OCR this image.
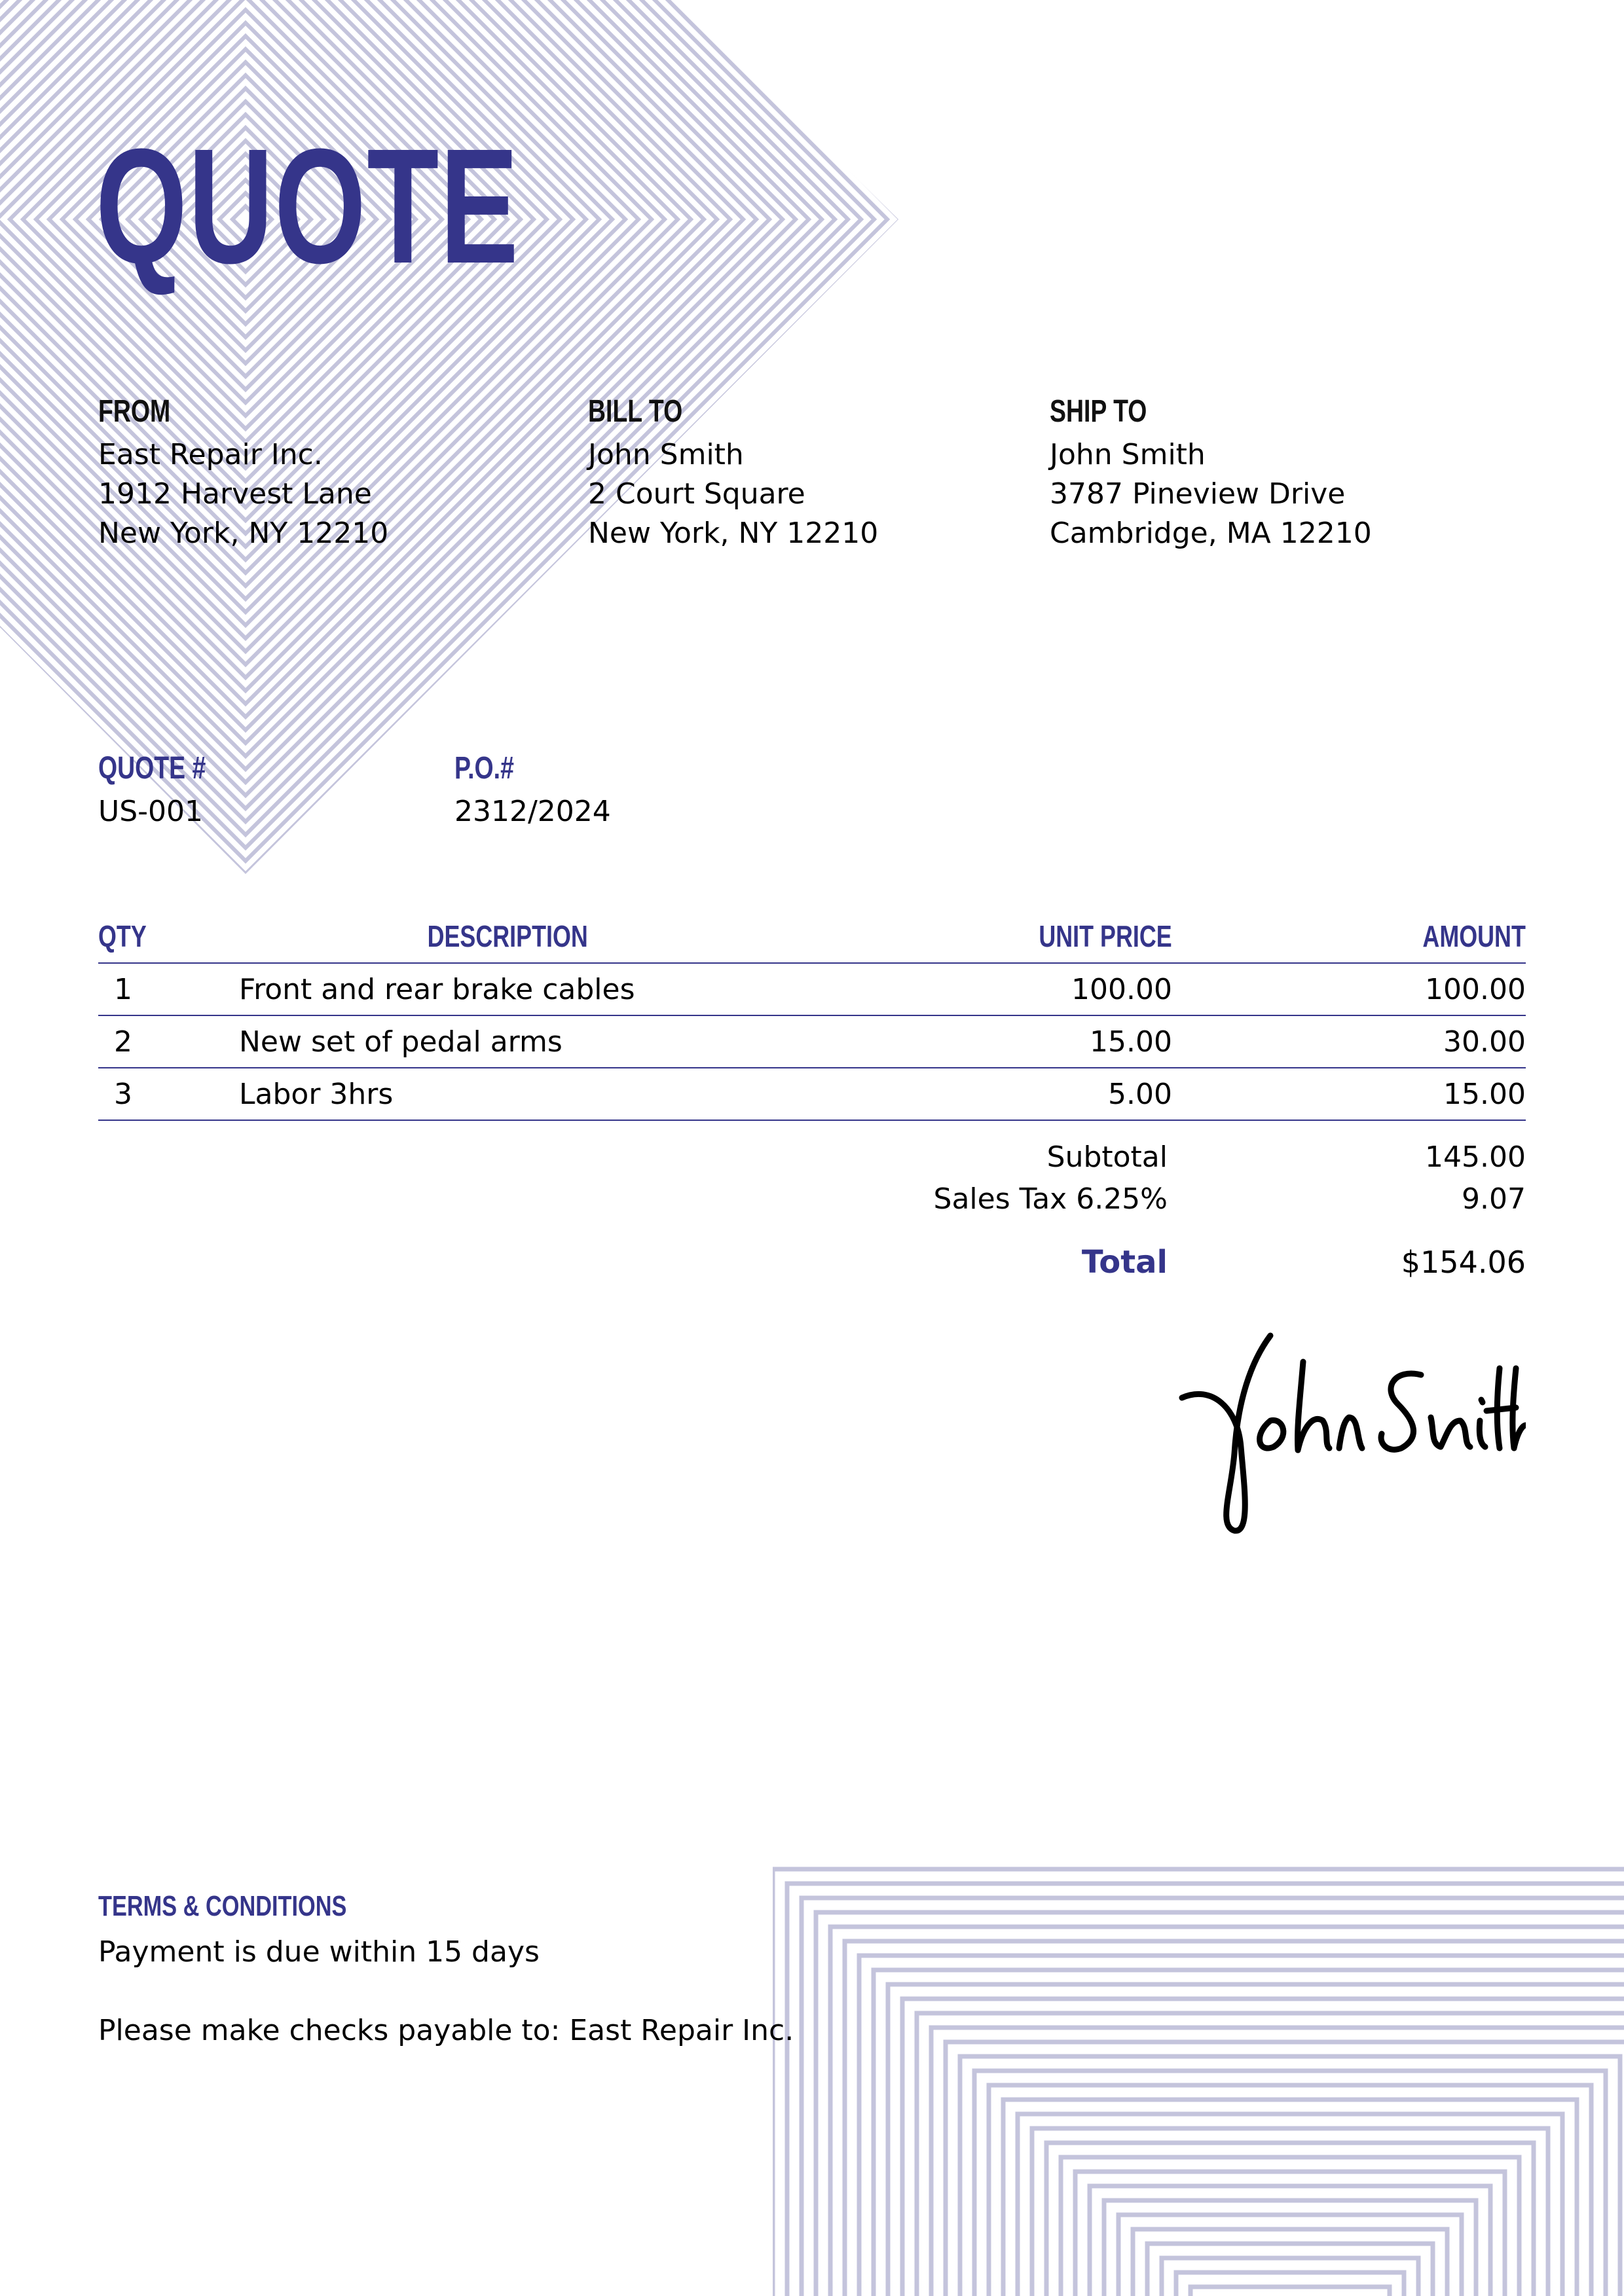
QUOTE
FROM
East Repair Inc.
1912 Harvest Lane
New York, NY 12210
BILL TO
John Smith
2 Court Square
New York, NY 12210
SHIP TO
John Smith
3787 Pineview Drive
Cambridge, MA 12210
QUOTE #
US-001
P.O.#
2312/2024
QTY	DESCRIPTION	UNIT PRICE	AMOUNT
1	Front and rear brake cables	100.00	100.00
2	New set of pedal arms	15.00	30.00
3	Labor 3hrs	5.00	15.00
Subtotal	145.00
Sales Tax 6.25%	9.07
Total	$154.06
TERMS & CONDITIONS

Payment is due within 15 days

Please make checks payable to: East Repair Inc.
